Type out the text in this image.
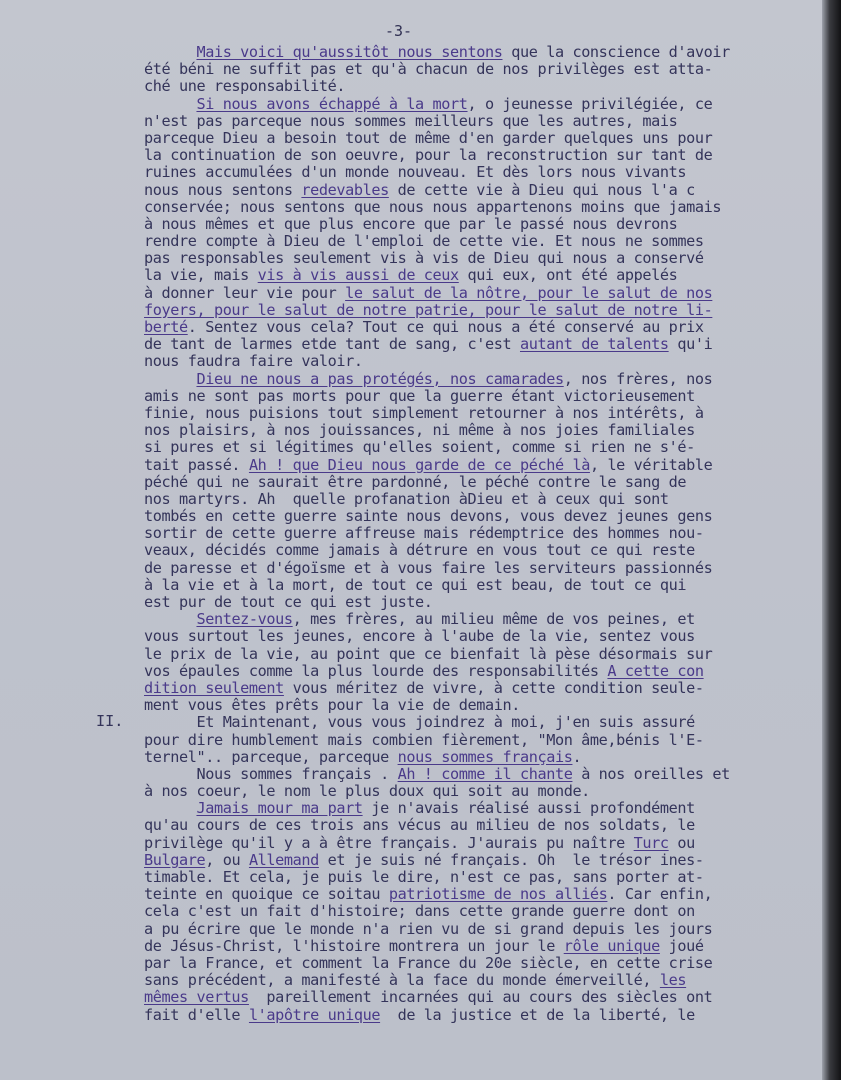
-3-
II.
Mais voici qu'aussitôt nous sentons que la conscience d'avoir
été béni ne suffit pas et qu'à chacun de nos privilèges est atta-
ché une responsabilité.
Si nous avons échappé à la mort, o jeunesse privilégiée, ce
n'est pas parceque nous sommes meilleurs que les autres, mais
parceque Dieu a besoin tout de même d'en garder quelques uns pour
la continuation de son oeuvre, pour la reconstruction sur tant de
ruines accumulées d'un monde nouveau. Et dès lors nous vivants
nous nous sentons redevables de cette vie à Dieu qui nous l'a c
conservée; nous sentons que nous nous appartenons moins que jamais
à nous mêmes et que plus encore que par le passé nous devrons
rendre compte à Dieu de l'emploi de cette vie. Et nous ne sommes
pas responsables seulement vis à vis de Dieu qui nous a conservé
la vie, mais vis à vis aussi de ceux qui eux, ont été appelés
à donner leur vie pour le salut de la nôtre, pour le salut de nos
foyers, pour le salut de notre patrie, pour le salut de notre li-
berté. Sentez vous cela? Tout ce qui nous a été conservé au prix
de tant de larmes etde tant de sang, c'est autant de talents qu'i
nous faudra faire valoir.
Dieu ne nous a pas protégés, nos camarades, nos frères, nos
amis ne sont pas morts pour que la guerre étant victorieusement
finie, nous puisions tout simplement retourner à nos intérêts, à
nos plaisirs, à nos jouissances, ni même à nos joies familiales
si pures et si légitimes qu'elles soient, comme si rien ne s'é-
tait passé. Ah ! que Dieu nous garde de ce péché là, le véritable
péché qui ne saurait être pardonné, le péché contre le sang de
nos martyrs. Ah  quelle profanation àDieu et à ceux qui sont
tombés en cette guerre sainte nous devons, vous devez jeunes gens
sortir de cette guerre affreuse mais rédemptrice des hommes nou-
veaux, décidés comme jamais à détrure en vous tout ce qui reste
de paresse et d'égoïsme et à vous faire les serviteurs passionnés
à la vie et à la mort, de tout ce qui est beau, de tout ce qui
est pur de tout ce qui est juste.
Sentez-vous, mes frères, au milieu même de vos peines, et
vous surtout les jeunes, encore à l'aube de la vie, sentez vous
le prix de la vie, au point que ce bienfait là pèse désormais sur
vos épaules comme la plus lourde des responsabilités A cette con
dition seulement vous méritez de vivre, à cette condition seule-
ment vous êtes prêts pour la vie de demain.
Et Maintenant, vous vous joindrez à moi, j'en suis assuré
pour dire humblement mais combien fièrement, "Mon âme,bénis l'E-
ternel".. parceque, parceque nous sommes français.
Nous sommes français . Ah ! comme il chante à nos oreilles et
à nos coeur, le nom le plus doux qui soit au monde.
Jamais mour ma part je n'avais réalisé aussi profondément
qu'au cours de ces trois ans vécus au milieu de nos soldats, le
privilège qu'il y a à être français. J'aurais pu naître Turc ou
Bulgare, ou Allemand et je suis né français. Oh  le trésor ines-
timable. Et cela, je puis le dire, n'est ce pas, sans porter at-
teinte en quoique ce soitau patriotisme de nos alliés. Car enfin,
cela c'est un fait d'histoire; dans cette grande guerre dont on
a pu écrire que le monde n'a rien vu de si grand depuis les jours
de Jésus-Christ, l'histoire montrera un jour le rôle unique joué
par la France, et comment la France du 20e siècle, en cette crise
sans précédent, a manifesté à la face du monde émerveillé, les
mêmes vertus  pareillement incarnées qui au cours des siècles ont
fait d'elle l'apôtre unique  de la justice et de la liberté, le
